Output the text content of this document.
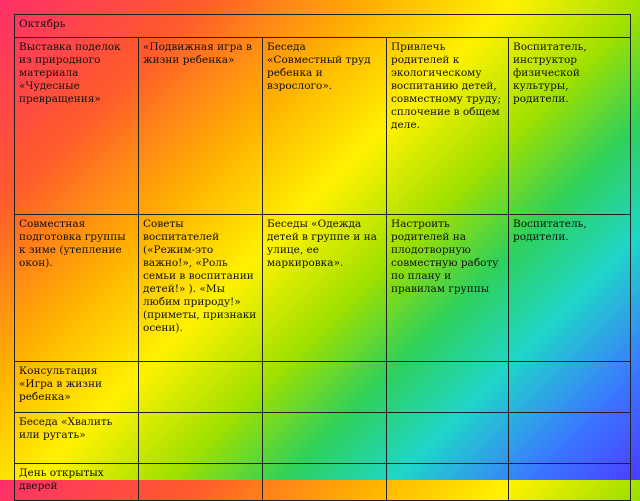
Октябрь				
Выставка поделок из природного материала «Чудесные превращения»	«Подвижная игра в жизни ребенка»	Беседа «Совместный труд ребенка и взрослого».	Привлечь родителей к экологическому воспитанию детей, совместному труду; сплочение в общем деле.	Воспитатель, инструктор физической культуры, родители.
Совместная подготовка группы к зиме (утепление окон).	Советы воспитателей («Режим-это важно!», «Роль семьи в воспитании детей!» ). «Мы любим природу!» (приметы, признаки осени).	Беседы «Одежда детей в группе и на улице, ее маркировка».	Настроить родителей на плодотворную совместную работу по плану и правилам группы	Воспитатель, родители.
Консультация «Игра в жизни ребенка»				
Беседа «Хвалить или ругать»				
День открытых дверей				
